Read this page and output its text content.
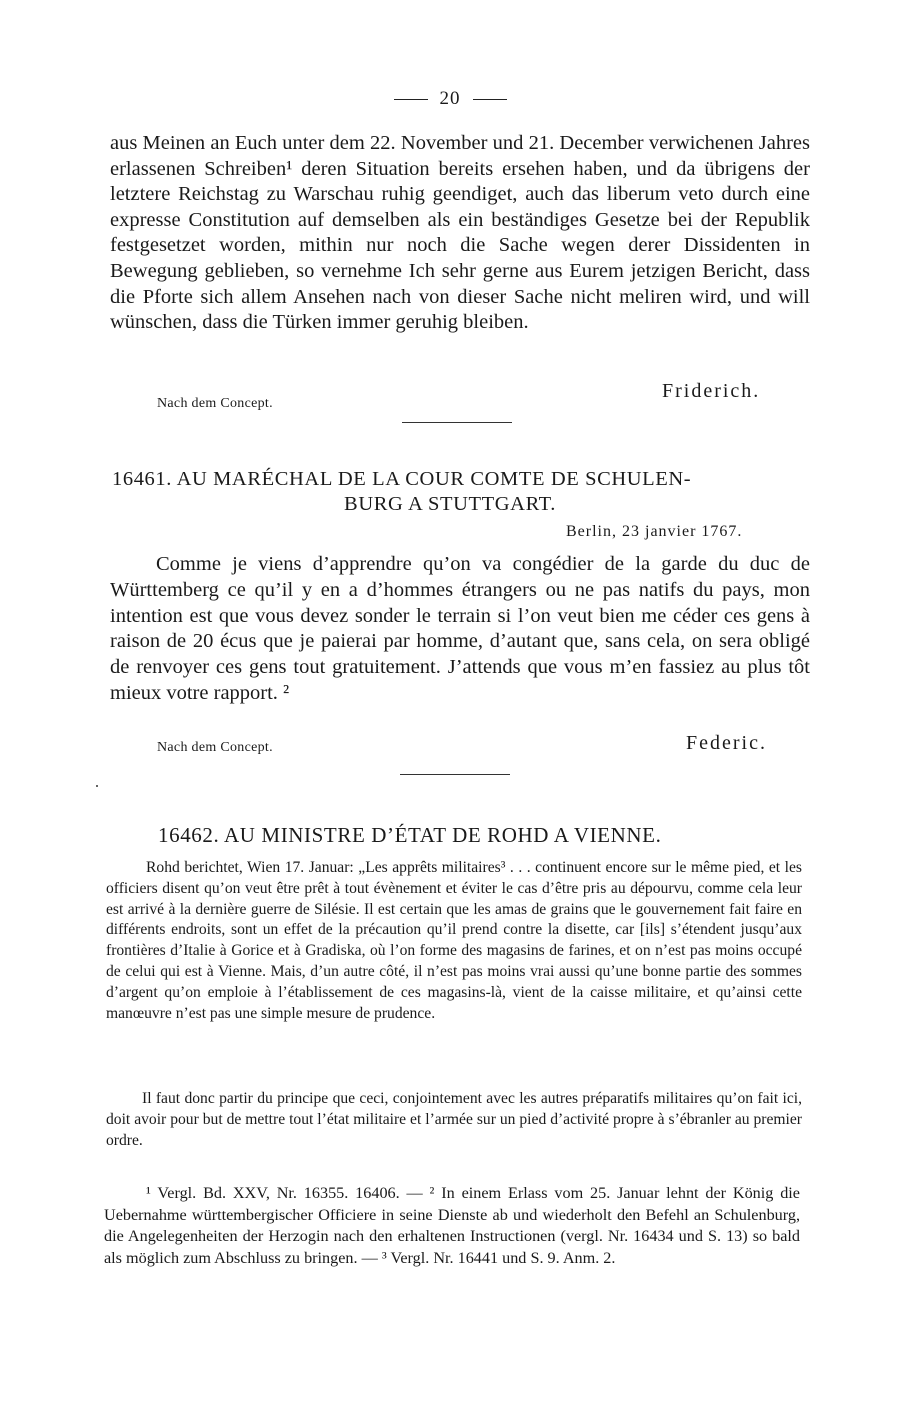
20
aus Meinen an Euch unter dem 22. November und 21. December verwichenen Jahres erlassenen Schreiben¹ deren Situation bereits ersehen haben, und da übrigens der letztere Reichstag zu Warschau ruhig geendiget, auch das liberum veto durch eine expresse Constitution auf demselben als ein beständiges Gesetze bei der Republik festgesetzet worden, mithin nur noch die Sache wegen derer Dissidenten in Bewegung geblieben, so vernehme Ich sehr gerne aus Eurem jetzigen Bericht, dass die Pforte sich allem Ansehen nach von dieser Sache nicht meliren wird, und will wünschen, dass die Türken immer geruhig bleiben.
Friderich.
Nach dem Concept.
16461. AU MARÉCHAL DE LA COUR COMTE DE SCHULEN-
BURG A STUTTGART.
Berlin, 23 janvier 1767.
Comme je viens d’apprendre qu’on va congédier de la garde du duc de Württemberg ce qu’il y en a d’hommes étrangers ou ne pas natifs du pays, mon intention est que vous devez sonder le terrain si l’on veut bien me céder ces gens à raison de 20 écus que je paierai par homme, d’autant que, sans cela, on sera obligé de renvoyer ces gens tout gratuitement. J’attends que vous m’en fassiez au plus tôt mieux votre rapport. ²
Federic.
Nach dem Concept.
16462. AU MINISTRE D’ÉTAT DE ROHD A VIENNE.
Rohd berichtet, Wien 17. Januar: „Les apprêts militaires³ . . . continuent encore sur le même pied, et les officiers disent qu’on veut être prêt à tout évènement et éviter le cas d’être pris au dépourvu, comme cela leur est arrivé à la dernière guerre de Silésie. Il est certain que les amas de grains que le gouvernement fait faire en différents endroits, sont un effet de la précaution qu’il prend contre la disette, car [ils] s’étendent jusqu’aux frontières d’Italie à Gorice et à Gradiska, où l’on forme des magasins de farines, et on n’est pas moins occupé de celui qui est à Vienne. Mais, d’un autre côté, il n’est pas moins vrai aussi qu’une bonne partie des sommes d’argent qu’on emploie à l’établissement de ces magasins-là, vient de la caisse militaire, et qu’ainsi cette manœuvre n’est pas une simple mesure de prudence.
Il faut donc partir du principe que ceci, conjointement avec les autres préparatifs militaires qu’on fait ici, doit avoir pour but de mettre tout l’état militaire et l’armée sur un pied d’activité propre à s’ébranler au premier ordre.
¹ Vergl. Bd. XXV, Nr. 16355. 16406. — ² In einem Erlass vom 25. Januar lehnt der König die Uebernahme württembergischer Officiere in seine Dienste ab und wiederholt den Befehl an Schulenburg, die Angelegenheiten der Herzogin nach den erhaltenen Instructionen (vergl. Nr. 16434 und S. 13) so bald als möglich zum Abschluss zu bringen. — ³ Vergl. Nr. 16441 und S. 9. Anm. 2.
